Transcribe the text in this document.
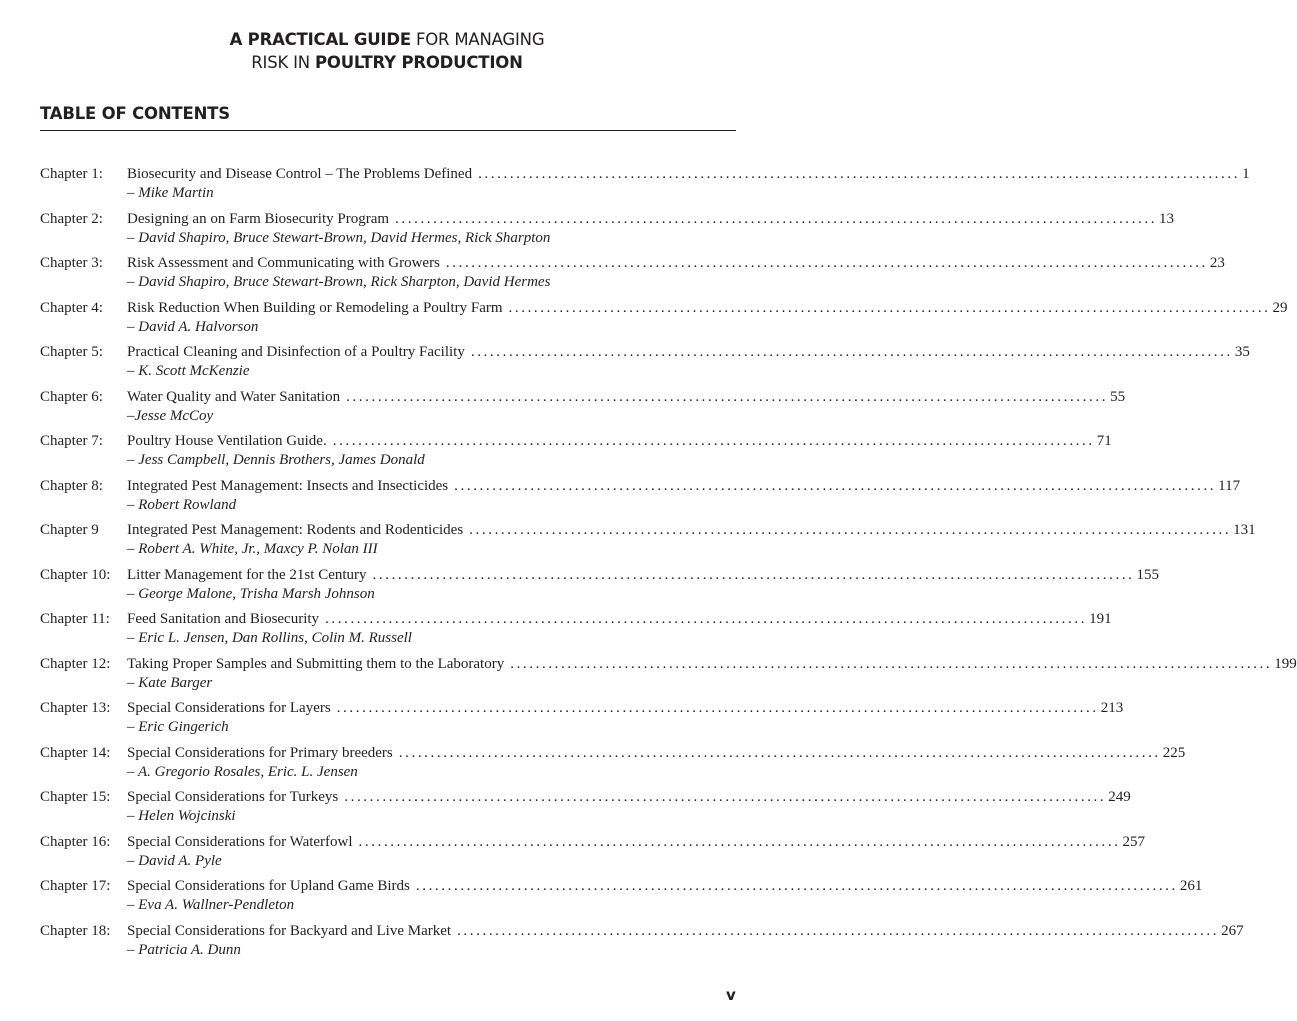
A PRACTICAL GUIDE FOR MANAGING
RISK IN POULTRY PRODUCTION
TABLE OF CONTENTS
Chapter 1:	Biosecurity and Disease Control – The Problems Defined ........................................................................................................................ 1
– Mike Martin
Chapter 2:	Designing an on Farm Biosecurity Program ........................................................................................................................ 13
– David Shapiro, Bruce Stewart-Brown, David Hermes, Rick Sharpton
Chapter 3:	Risk Assessment and Communicating with Growers ........................................................................................................................ 23
– David Shapiro, Bruce Stewart-Brown, Rick Sharpton, David Hermes
Chapter 4:	Risk Reduction When Building or Remodeling a Poultry Farm ........................................................................................................................ 29
– David A. Halvorson
Chapter 5:	Practical Cleaning and Disinfection of a Poultry Facility ........................................................................................................................ 35
– K. Scott McKenzie
Chapter 6:	Water Quality and Water Sanitation ........................................................................................................................ 55
–Jesse McCoy
Chapter 7:	Poultry House Ventilation Guide. ........................................................................................................................ 71
– Jess Campbell, Dennis Brothers, James Donald
Chapter 8:	Integrated Pest Management: Insects and Insecticides ........................................................................................................................ 117
– Robert Rowland
Chapter 9	Integrated Pest Management: Rodents and Rodenticides ........................................................................................................................ 131
– Robert A. White, Jr., Maxcy P. Nolan III
Chapter 10:	Litter Management for the 21st Century ........................................................................................................................ 155
– George Malone, Trisha Marsh Johnson
Chapter 11:	Feed Sanitation and Biosecurity ........................................................................................................................ 191
– Eric L. Jensen, Dan Rollins, Colin M. Russell
Chapter 12:	Taking Proper Samples and Submitting them to the Laboratory ........................................................................................................................ 199
– Kate Barger
Chapter 13:	Special Considerations for Layers ........................................................................................................................ 213
– Eric Gingerich
Chapter 14:	Special Considerations for Primary breeders ........................................................................................................................ 225
– A. Gregorio Rosales, Eric. L. Jensen
Chapter 15:	Special Considerations for Turkeys ........................................................................................................................ 249
– Helen Wojcinski
Chapter 16:	Special Considerations for Waterfowl ........................................................................................................................ 257
– David A. Pyle
Chapter 17:	Special Considerations for Upland Game Birds ........................................................................................................................ 261
– Eva A. Wallner-Pendleton
Chapter 18:	Special Considerations for Backyard and Live Market ........................................................................................................................ 267
– Patricia A. Dunn
v
